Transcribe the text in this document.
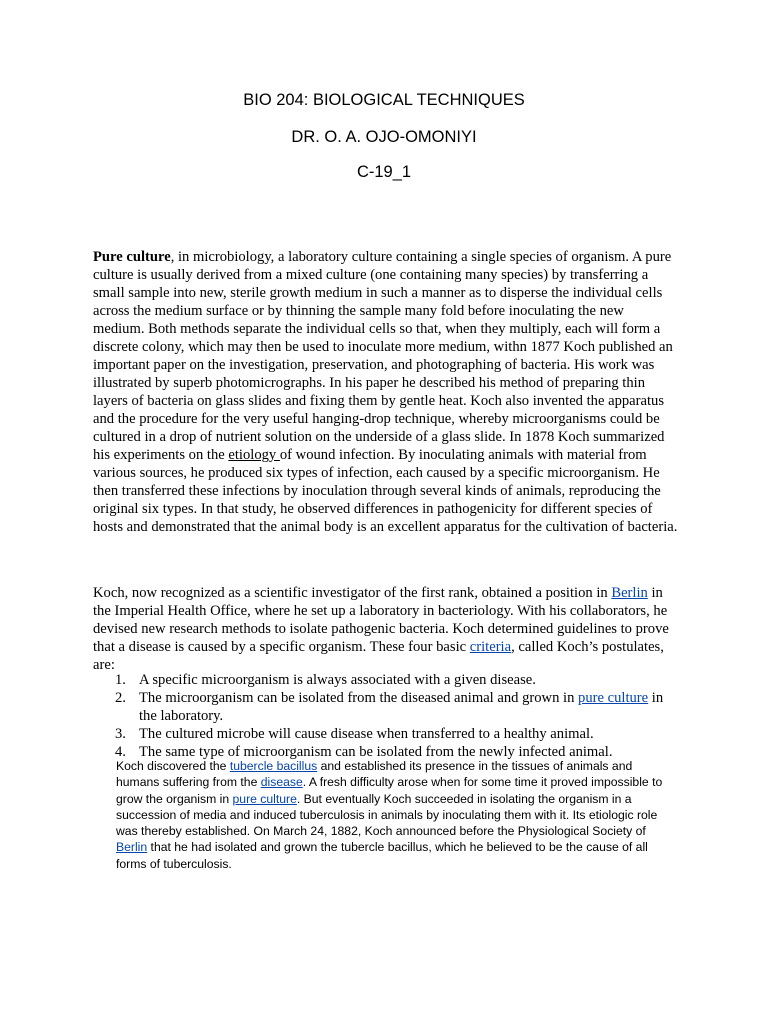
BIO 204: BIOLOGICAL TECHNIQUES
DR. O. A. OJO-OMONIYI
C-19_1

Pure culture, in microbiology, a laboratory culture containing a single species of organism. A pure culture is usually derived from a mixed culture (one containing many species) by transferring a small sample into new, sterile growth medium in such a manner as to disperse the individual cells across the medium surface or by thinning the sample many fold before inoculating the new medium. Both methods separate the individual cells so that, when they multiply, each will form a discrete colony, which may then be used to inoculate more medium, withn 1877 Koch published an important paper on the investigation, preservation, and photographing of bacteria. His work was illustrated by superb photomicrographs. In his paper he described his method of preparing thin layers of bacteria on glass slides and fixing them by gentle heat. Koch also invented the apparatus and the procedure for the very useful hanging-drop technique, whereby microorganisms could be cultured in a drop of nutrient solution on the underside of a glass slide. In 1878 Koch summarized his experiments on the etiology of wound infection. By inoculating animals with material from various sources, he produced six types of infection, each caused by a specific microorganism. He then transferred these infections by inoculation through several kinds of animals, reproducing the original six types. In that study, he observed differences in pathogenicity for different species of hosts and demonstrated that the animal body is an excellent apparatus for the cultivation of bacteria.

Koch, now recognized as a scientific investigator of the first rank, obtained a position in Berlin in the Imperial Health Office, where he set up a laboratory in bacteriology. With his collaborators, he devised new research methods to isolate pathogenic bacteria. Koch determined guidelines to prove that a disease is caused by a specific organism. These four basic criteria, called Koch’s postulates, are:

1. A specific microorganism is always associated with a given disease.
2. The microorganism can be isolated from the diseased animal and grown in pure culture in the laboratory.
3. The cultured microbe will cause disease when transferred to a healthy animal.
4. The same type of microorganism can be isolated from the newly infected animal.

Koch discovered the tubercle bacillus and established its presence in the tissues of animals and humans suffering from the disease. A fresh difficulty arose when for some time it proved impossible to grow the organism in pure culture. But eventually Koch succeeded in isolating the organism in a succession of media and induced tuberculosis in animals by inoculating them with it. Its etiologic role was thereby established. On March 24, 1882, Koch announced before the Physiological Society of Berlin that he had isolated and grown the tubercle bacillus, which he believed to be the cause of all forms of tuberculosis.
